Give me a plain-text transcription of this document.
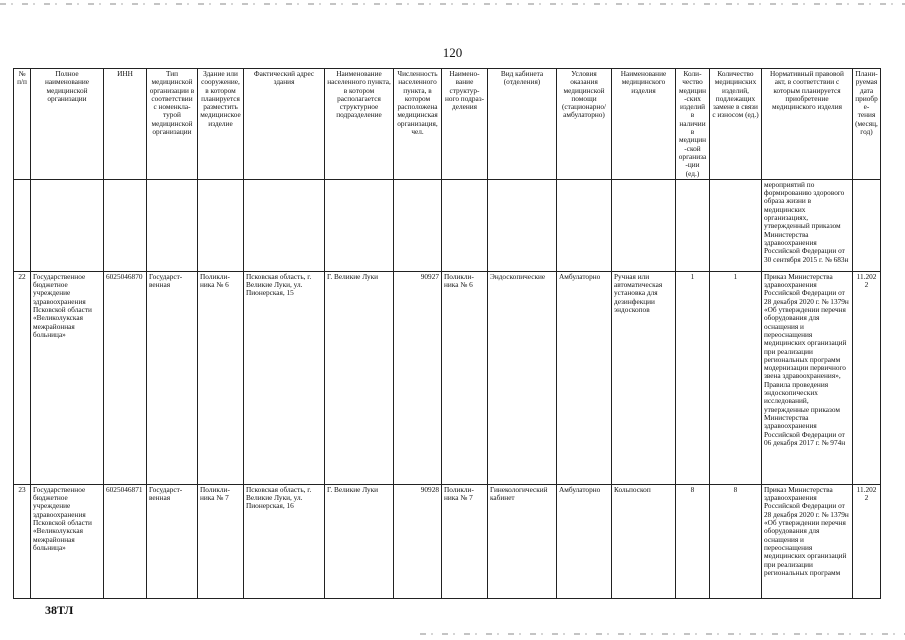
120
№ п/п	Полное наименование медицинской организации	ИНН	Тип медицинской организации в соответствии с номенкла-турой медицинской организации	Здание или сооружение, в котором планируется разместить медицинское изделие	Фактический адрес здания	Наименование населенного пункта, в котором располагается структурное подразделение	Численность населенного пункта, в котором расположена медицинская организация, чел.	Наимено-вание структур-ного подраз-деления	Вид кабинета (отделения)	Условия оказания медицинской помощи (стационарно/ амбулаторно)	Наименование медицинского изделия	Коли-чество медицин-ских изделий в наличии в медицин-ской организа-ции (ед.)	Количество медицинских изделий, подлежащих замене в связи с износом (ед.)	Нормативный правовой акт, в соответствии с которым планируется приобретение медицинского изделия	Плани-руемая дата приобре-тения (месяц, год)
														мероприятий по формированию здорового образа жизни в медицинских организациях, утвержденный приказом Министерства здравоохранения Российской Федерации от 30 сентября 2015 г. № 683н	
22	Государственное бюджетное учреждение здравоохранения Псковской области «Великолукская межрайонная больница»	6025046870	Государст-венная	Поликли-ника № 6	Псковская область, г. Великие Луки, ул. Пионерская, 15	Г. Великие Луки	90927	Поликли-ника № 6	Эндоскопические	Амбулаторно	Ручная или автоматическая установка для дезинфекции эндоскопов	1	1	Приказ Министерства здравоохранения Российской Федерации от 28 декабря 2020 г. № 1379н «Об утверждении перечня оборудования для оснащения и переоснащения медицинских организаций при реализации региональных программ модернизации первичного звена здравоохранения», Правила проведения эндоскопических исследований, утвержденные приказом Министерства здравоохранения Российской Федерации от 06 декабря 2017 г. № 974н	11.2022
23	Государственное бюджетное учреждение здравоохранения Псковской области «Великолукская межрайонная больница»	6025046871	Государст-венная	Поликли-ника № 7	Псковская область, г. Великие Луки, ул. Пионерская, 16	Г. Великие Луки	90928	Поликли-ника № 7	Гинекологический кабинет	Амбулаторно	Кольпоскоп	8	8	Приказ Министерства здравоохранения Российской Федерации от 28 декабря 2020 г. № 1379н «Об утверждении перечня оборудования для оснащения и переоснащения медицинских организаций при реализации региональных программ	11.2022
38ТЛ
